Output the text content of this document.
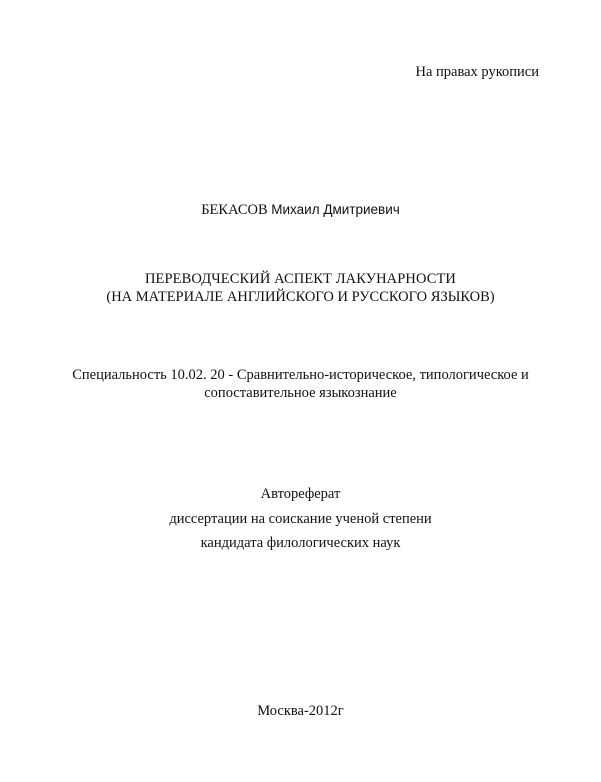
На правах рукописи
БЕКАСОВ Михаил Дмитриевич
ПЕРЕВОДЧЕСКИЙ АСПЕКТ ЛАКУНАРНОСТИ
(НА МАТЕРИАЛЕ АНГЛИЙСКОГО И РУССКОГО ЯЗЫКОВ)
Специальность 10.02. 20 - Сравнительно-историческое, типологическое и
сопоставительное языкознание
Автореферат
диссертации на соискание ученой степени
кандидата филологических наук
Москва-2012г
